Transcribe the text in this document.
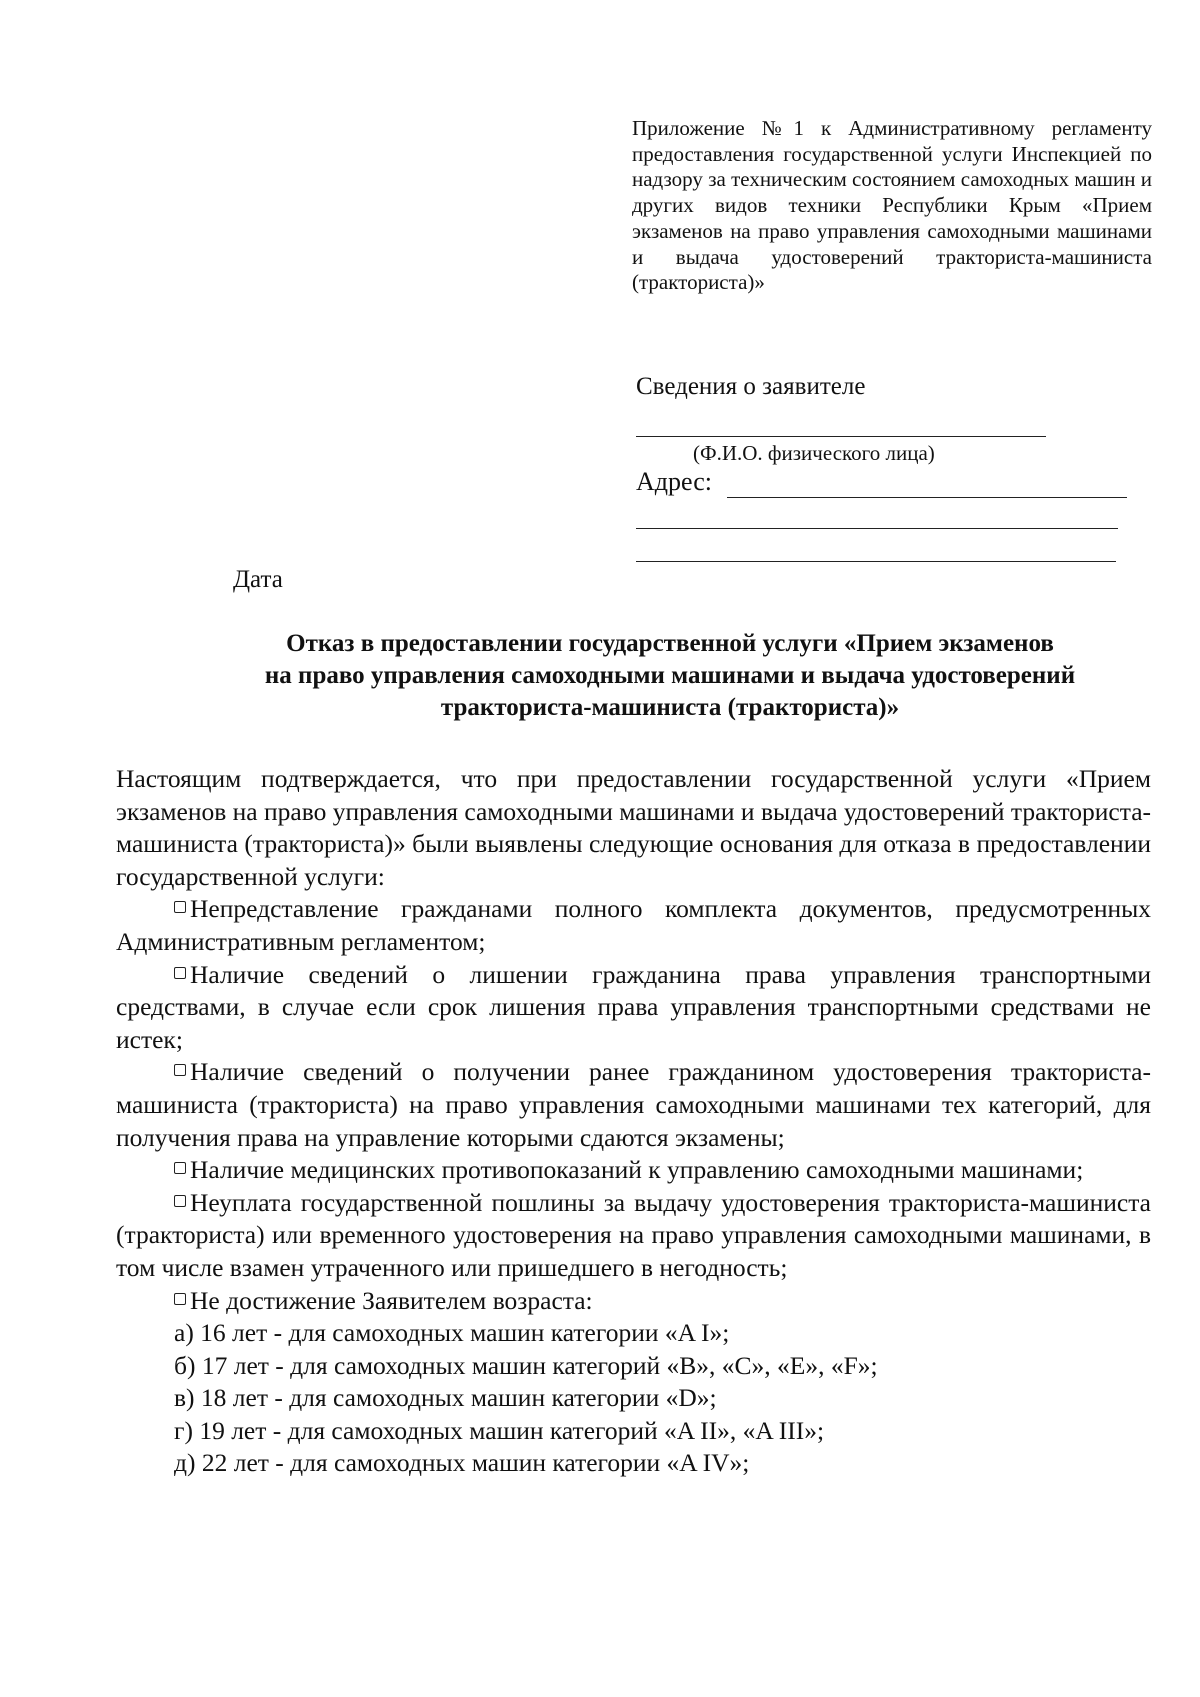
Приложение №1 к Административному регламенту предоставления государственной услуги Инспекцией по надзору за техническим состоянием самоходных машин и других видов техники Республики Крым «Прием экзаменов на право управления самоходными машинами и выдача удостоверений тракториста-машиниста (тракториста)»
Сведения о заявителе
(Ф.И.О. физического лица)
Адрес:
Дата
Отказ в предоставлении государственной услуги «Прием экзаменов
на право управления самоходными машинами и выдача удостоверений
тракториста-машиниста (тракториста)»

Настоящим подтверждается, что при предоставлении государственной услуги «Прием экзаменов на право управления самоходными машинами и выдача удостоверений тракториста-машиниста (тракториста)» были выявлены следующие основания для отказа в предоставлении государственной услуги:

Непредставление гражданами полного комплекта документов, предусмотренных Административным регламентом;

Наличие сведений о лишении гражданина права управления транспортными средствами, в случае если срок лишения права управления транспортными средствами не истек;

Наличие сведений о получении ранее гражданином удостоверения тракториста-машиниста (тракториста) на право управления самоходными машинами тех категорий, для получения права на управление которыми сдаются экзамены;

Наличие медицинских противопоказаний к управлению самоходными машинами;

Неуплата государственной пошлины за выдачу удостоверения тракториста-машиниста (тракториста) или временного удостоверения на право управления самоходными машинами, в том числе взамен утраченного или пришедшего в негодность;

Не достижение Заявителем возраста:

а) 16 лет - для самоходных машин категории «A I»;

б) 17 лет - для самоходных машин категорий «B», «C», «E», «F»;

в) 18 лет - для самоходных машин категории «D»;

г) 19 лет - для самоходных машин категорий «A II», «A III»;

д) 22 лет - для самоходных машин категории «A IV»;
